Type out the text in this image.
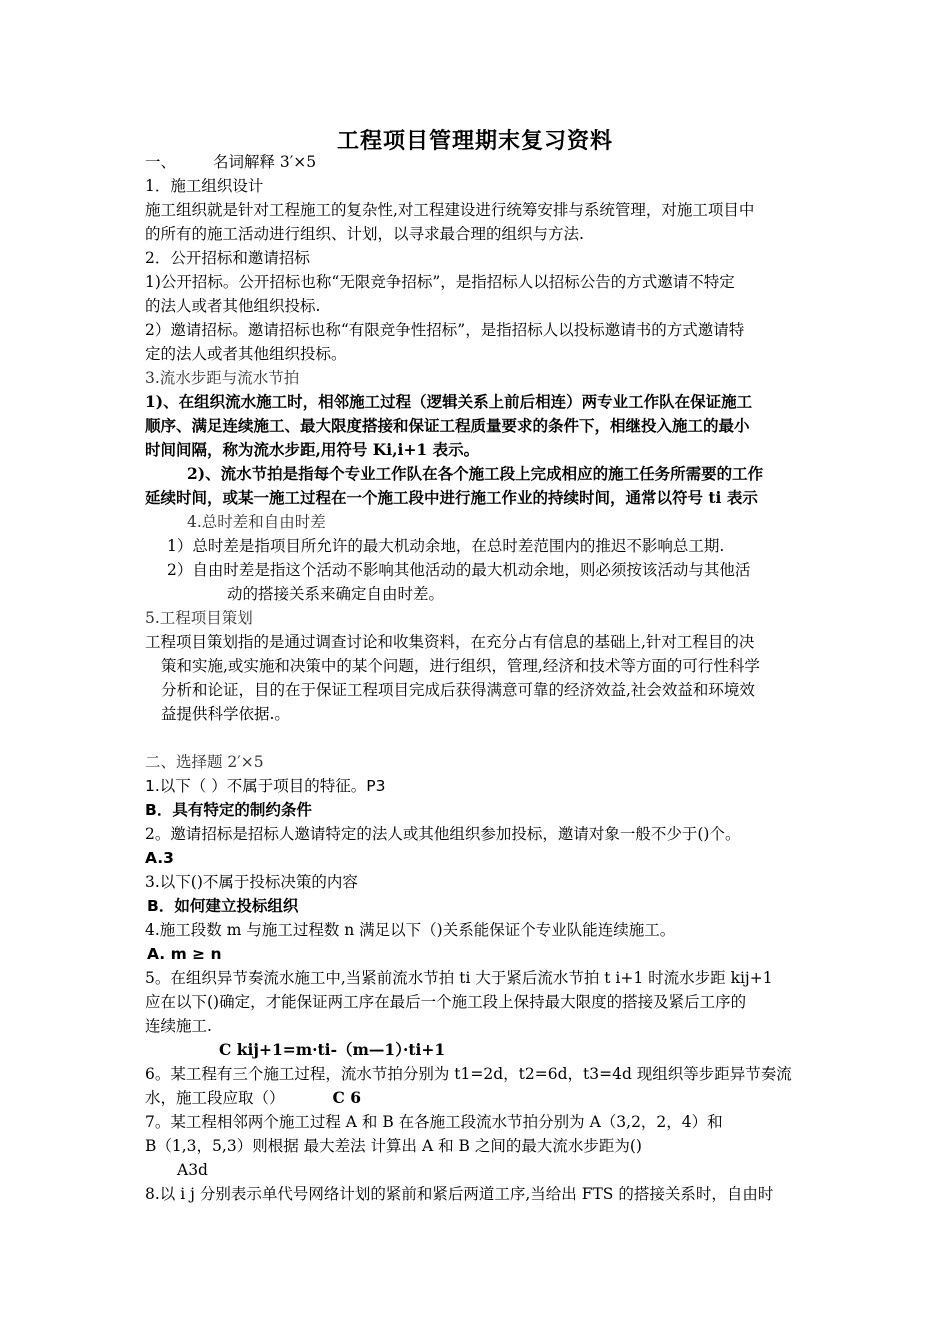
工程项目管理期末复习资料
一、 名词解释 3′×5
1．施工组织设计
施工组织就是针对工程施工的复杂性,对工程建设进行统筹安排与系统管理，对施工项目中
的所有的施工活动进行组织、计划，以寻求最合理的组织与方法.
2．公开招标和邀请招标
1)公开招标。公开招标也称“无限竞争招标”，是指招标人以招标公告的方式邀请不特定
的法人或者其他组织投标.
2）邀请招标。邀请招标也称“有限竞争性招标”，是指招标人以投标邀请书的方式邀请特
定的法人或者其他组织投标。
3.流水步距与流水节拍
1)、在组织流水施工时，相邻施工过程（逻辑关系上前后相连）两专业工作队在保证施工
顺序、满足连续施工、最大限度搭接和保证工程质量要求的条件下，相继投入施工的最小
时间间隔，称为流水步距,用符号 Ki,i+1 表示。
2)、流水节拍是指每个专业工作队在各个施工段上完成相应的施工任务所需要的工作
延续时间，或某一施工过程在一个施工段中进行施工作业的持续时间，通常以符号 ti 表示
4.总时差和自由时差
1）总时差是指项目所允许的最大机动余地，在总时差范围内的推迟不影响总工期.
2）自由时差是指这个活动不影响其他活动的最大机动余地，则必须按该活动与其他活
动的搭接关系来确定自由时差。
5.工程项目策划
工程项目策划指的是通过调查讨论和收集资料，在充分占有信息的基础上,针对工程目的决
策和实施,或实施和决策中的某个问题，进行组织，管理,经济和技术等方面的可行性科学
分析和论证，目的在于保证工程项目完成后获得满意可靠的经济效益,社会效益和环境效
益提供科学依据.。
二、选择题 2′×5
1.以下（ ）不属于项目的特征。P3
B．具有特定的制约条件
2。邀请招标是招标人邀请特定的法人或其他组织参加投标，邀请对象一般不少于()个。
A.3
3.以下()不属于投标决策的内容
B．如何建立投标组织
4.施工段数 m 与施工过程数 n 满足以下（)关系能保证个专业队能连续施工。
A. m ≥ n
5。在组织异节奏流水施工中,当紧前流水节拍 ti 大于紧后流水节拍 t i+1 时流水步距 kij+1
应在以下()确定，才能保证两工序在最后一个施工段上保持最大限度的搭接及紧后工序的
连续施工.
C kij+1=m·ti-（m—1）·ti+1
6。某工程有三个施工过程，流水节拍分别为 t1=2d，t2=6d，t3=4d 现组织等步距异节奏流
水，施工段应取（）	C 6
7。某工程相邻两个施工过程 A 和 B 在各施工段流水节拍分别为 A（3,2，2，4）和
B（1,3，5,3）则根据 最大差法 计算出 A 和 B 之间的最大流水步距为()
A3d
8.以 i j 分别表示单代号网络计划的紧前和紧后两道工序,当给出 FTS 的搭接关系时，自由时
